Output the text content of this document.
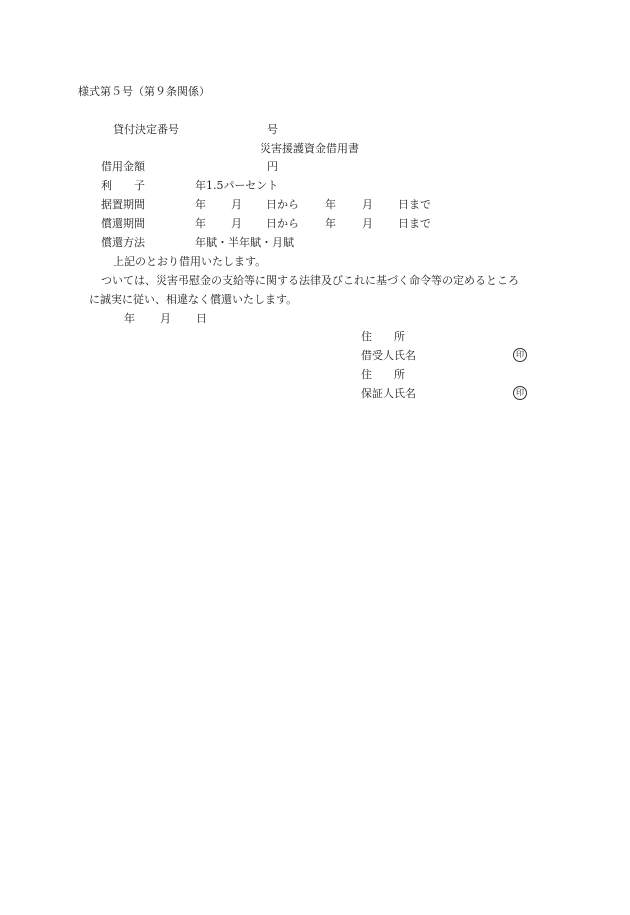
様式第５号（第９条関係）
貸付決定番号	号
災害援護資金借用書
借用金額	円
利　　子	年1.5パーセント
据置期間	年 月 日から 年 月 日まで
償還期間	年 月 日から 年 月 日まで
償還方法	年賦・半年賦・月賦
上記のとおり借用いたします。
ついては、災害弔慰金の支給等に関する法律及びこれに基づく命令等の定めるところ
に誠実に従い、相違なく償還いたします。
年 月 日
住　　所
借受人氏名	印
住　　所
保証人氏名	印
